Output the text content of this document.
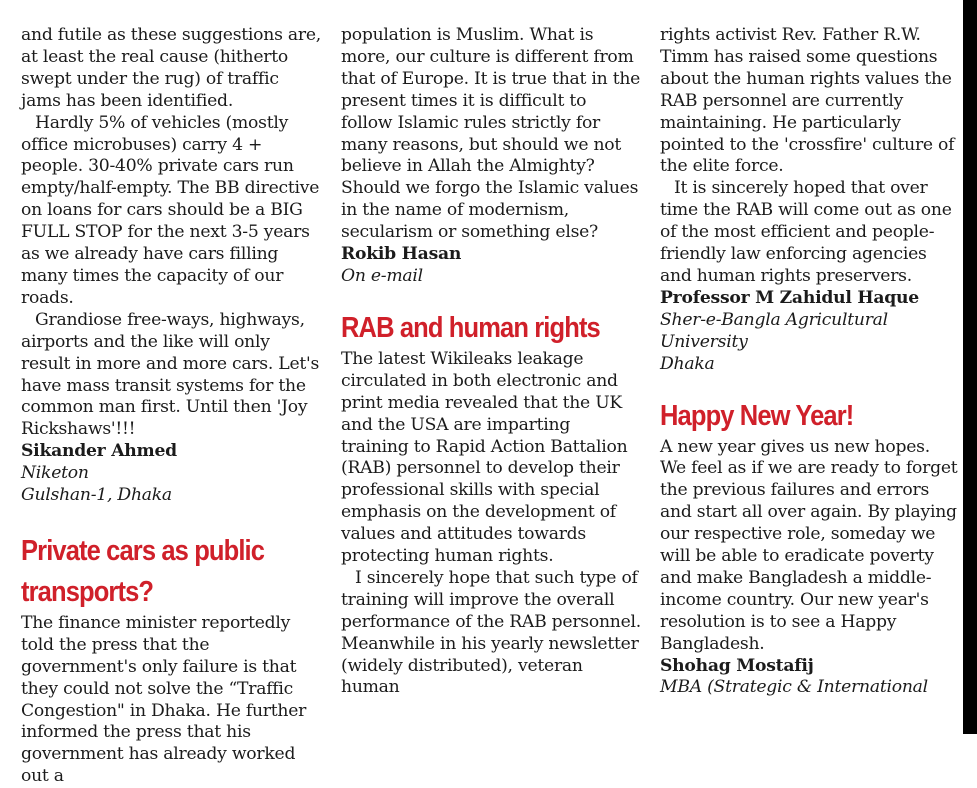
and futile as these suggestions are, at least the real cause (hitherto swept under the rug) of traffic jams has been identified.

Hardly 5% of vehicles (mostly office microbuses) carry 4 + people. 30-40% private cars run empty/half-empty. The BB directive on loans for cars should be a BIG FULL STOP for the next 3-5 years as we already have cars filling many times the capacity of our roads.

Grandiose free-ways, highways, airports and the like will only result in more and more cars. Let's have mass transit systems for the common man first. Until then 'Joy Rickshaws'!!!

Sikander Ahmed

Niketon

Gulshan-1, Dhaka

Private cars as public transports?

The finance minister reportedly told the press that the government's only failure is that they could not solve the “Traffic Congestion" in Dhaka. He further informed the press that his government has already worked out a

population is Muslim. What is more, our culture is different from that of Europe. It is true that in the present times it is difficult to follow Islamic rules strictly for many reasons, but should we not believe in Allah the Almighty? Should we forgo the Islamic values in the name of modernism, secularism or something else?

Rokib Hasan

On e-mail

RAB and human rights

The latest Wikileaks leakage circulated in both electronic and print media revealed that the UK and the USA are imparting training to Rapid Action Battalion (RAB) personnel to develop their professional skills with special emphasis on the development of values and attitudes towards protecting human rights.

I sincerely hope that such type of training will improve the overall performance of the RAB personnel. Meanwhile in his yearly newsletter (widely distributed), veteran human

rights activist Rev. Father R.W. Timm has raised some questions about the human rights values the RAB personnel are currently maintaining. He particularly pointed to the 'crossfire' culture of the elite force.

It is sincerely hoped that over time the RAB will come out as one of the most efficient and people-friendly law enforcing agencies and human rights preservers.

Professor M Zahidul Haque

Sher-e-Bangla Agricultural University

Dhaka

Happy New Year!

A new year gives us new hopes. We feel as if we are ready to forget the previous failures and errors and start all over again. By playing our respective role, someday we will be able to eradicate poverty and make Bangladesh a middle-income country. Our new year's resolution is to see a Happy Bangladesh.

Shohag Mostafij

MBA (Strategic & International
